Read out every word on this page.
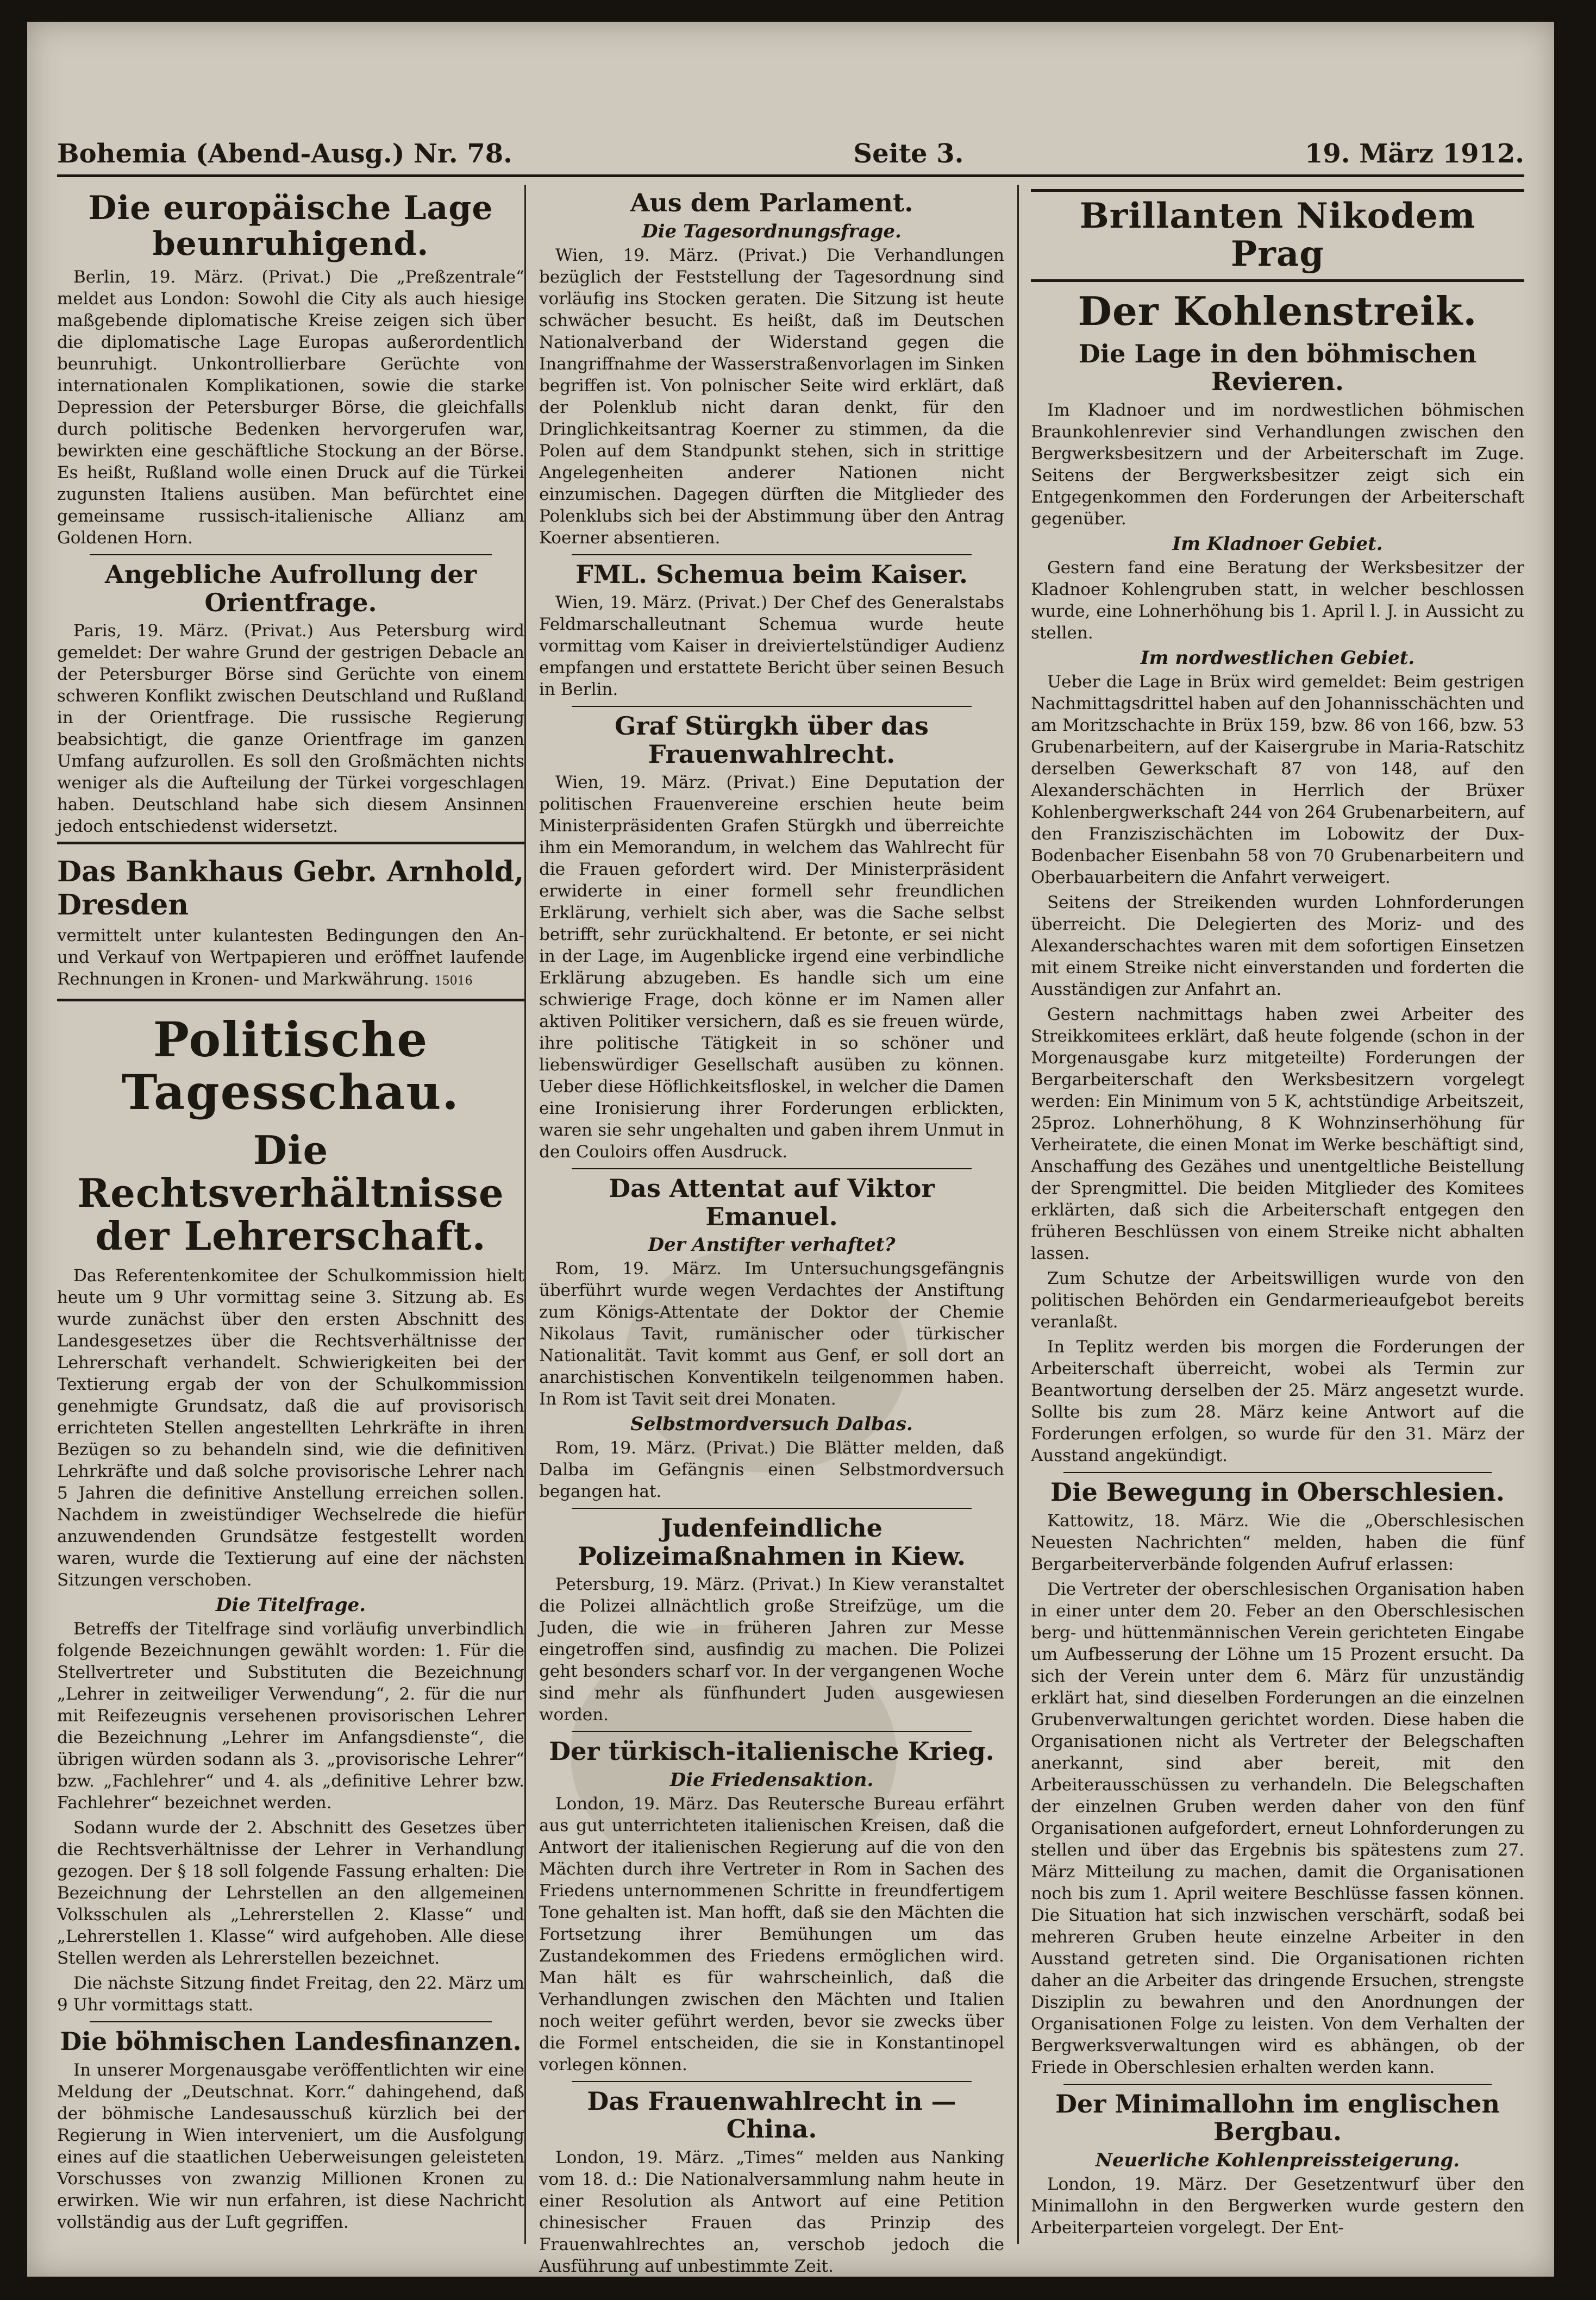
Bohemia (Abend-Ausg.) Nr. 78.	Seite 3.	19. März 1912.
Die europäische Lage beunruhigend.

Berlin, 19. März. (Privat.) Die „Preßzentrale“ meldet aus London: Sowohl die City als auch hiesige maßgebende diplomatische Kreise zeigen sich über die diplomatische Lage Europas außerordentlich beunruhigt. Unkontrollierbare Gerüchte von internationalen Komplikationen, sowie die starke Depression der Petersburger Börse, die gleichfalls durch politische Bedenken hervorgerufen war, bewirkten eine geschäftliche Stockung an der Börse. Es heißt, Rußland wolle einen Druck auf die Türkei zugunsten Italiens ausüben. Man befürchtet eine gemeinsame russisch-italienische Allianz am Goldenen Horn.

Angebliche Aufrollung der Orientfrage.

Paris, 19. März. (Privat.) Aus Petersburg wird gemeldet: Der wahre Grund der gestrigen Debacle an der Petersburger Börse sind Gerüchte von einem schweren Konflikt zwischen Deutschland und Rußland in der Orientfrage. Die russische Regierung beabsichtigt, die ganze Orientfrage im ganzen Umfang aufzurollen. Es soll den Großmächten nichts weniger als die Aufteilung der Türkei vorgeschlagen haben. Deutschland habe sich diesem Ansinnen jedoch entschiedenst widersetzt.

Das Bankhaus Gebr. Arnhold, Dresden

vermittelt unter kulantesten Bedingungen den An- und Verkauf von Wertpapieren und eröffnet laufende Rechnungen in Kronen- und Markwährung. 15016

Politische Tagesschau.
Die Rechtsverhältnisse der Lehrerschaft.

Das Referentenkomitee der Schulkommission hielt heute um 9 Uhr vormittag seine 3. Sitzung ab. Es wurde zunächst über den ersten Abschnitt des Landesgesetzes über die Rechtsverhältnisse der Lehrerschaft verhandelt. Schwierigkeiten bei der Textierung ergab der von der Schulkommission genehmigte Grundsatz, daß die auf provisorisch errichteten Stellen angestellten Lehrkräfte in ihren Bezügen so zu behandeln sind, wie die definitiven Lehrkräfte und daß solche provisorische Lehrer nach 5 Jahren die definitive Anstellung erreichen sollen. Nachdem in zweistündiger Wechselrede die hiefür anzuwendenden Grundsätze festgestellt worden waren, wurde die Textierung auf eine der nächsten Sitzungen verschoben.

Die Titelfrage.

Betreffs der Titelfrage sind vorläufig unverbindlich folgende Bezeichnungen gewählt worden: 1. Für die Stellvertreter und Substituten die Bezeichnung „Lehrer in zeitweiliger Verwendung“, 2. für die nur mit Reifezeugnis versehenen provisorischen Lehrer die Bezeichnung „Lehrer im Anfangsdienste“, die übrigen würden sodann als 3. „provisorische Lehrer“ bzw. „Fachlehrer“ und 4. als „definitive Lehrer bzw. Fachlehrer“ bezeichnet werden.

Sodann wurde der 2. Abschnitt des Gesetzes über die Rechtsverhältnisse der Lehrer in Verhandlung gezogen. Der § 18 soll folgende Fassung erhalten: Die Bezeichnung der Lehrstellen an den allgemeinen Volksschulen als „Lehrerstellen 2. Klasse“ und „Lehrerstellen 1. Klasse“ wird aufgehoben. Alle diese Stellen werden als Lehrerstellen bezeichnet.

Die nächste Sitzung findet Freitag, den 22. März um 9 Uhr vormittags statt.

Die böhmischen Landesfinanzen.

In unserer Morgenausgabe veröffentlichten wir eine Meldung der „Deutschnat. Korr.“ dahingehend, daß der böhmische Landesausschuß kürzlich bei der Regierung in Wien interveniert, um die Ausfolgung eines auf die staatlichen Ueberweisungen geleisteten Vorschusses von zwanzig Millionen Kronen zu erwirken. Wie wir nun erfahren, ist diese Nachricht vollständig aus der Luft gegriffen.

Aus dem Parlament.
Die Tagesordnungsfrage.

Wien, 19. März. (Privat.) Die Verhandlungen bezüglich der Feststellung der Tagesordnung sind vorläufig ins Stocken geraten. Die Sitzung ist heute schwächer besucht. Es heißt, daß im Deutschen Nationalverband der Widerstand gegen die Inangriffnahme der Wasserstraßenvorlagen im Sinken begriffen ist. Von polnischer Seite wird erklärt, daß der Polenklub nicht daran denkt, für den Dringlichkeitsantrag Koerner zu stimmen, da die Polen auf dem Standpunkt stehen, sich in strittige Angelegenheiten anderer Nationen nicht einzumischen. Dagegen dürften die Mitglieder des Polenklubs sich bei der Abstimmung über den Antrag Koerner absentieren.

FML. Schemua beim Kaiser.

Wien, 19. März. (Privat.) Der Chef des Generalstabs Feldmarschalleutnant Schemua wurde heute vormittag vom Kaiser in dreiviertelstündiger Audienz empfangen und erstattete Bericht über seinen Besuch in Berlin.

Graf Stürgkh über das Frauenwahlrecht.

Wien, 19. März. (Privat.) Eine Deputation der politischen Frauenvereine erschien heute beim Ministerpräsidenten Grafen Stürgkh und überreichte ihm ein Memorandum, in welchem das Wahlrecht für die Frauen gefordert wird. Der Ministerpräsident erwiderte in einer formell sehr freundlichen Erklärung, verhielt sich aber, was die Sache selbst betrifft, sehr zurückhaltend. Er betonte, er sei nicht in der Lage, im Augenblicke irgend eine verbindliche Erklärung abzugeben. Es handle sich um eine schwierige Frage, doch könne er im Namen aller aktiven Politiker versichern, daß es sie freuen würde, ihre politische Tätigkeit in so schöner und liebenswürdiger Gesellschaft ausüben zu können. Ueber diese Höflichkeitsfloskel, in welcher die Damen eine Ironisierung ihrer Forderungen erblickten, waren sie sehr ungehalten und gaben ihrem Unmut in den Couloirs offen Ausdruck.

Das Attentat auf Viktor Emanuel.
Der Anstifter verhaftet?

Rom, 19. März. Im Untersuchungsgefängnis überführt wurde wegen Verdachtes der Anstiftung zum Königs-Attentate der Doktor der Chemie Nikolaus Tavit, rumänischer oder türkischer Nationalität. Tavit kommt aus Genf, er soll dort an anarchistischen Konventikeln teilgenommen haben. In Rom ist Tavit seit drei Monaten.

Selbstmordversuch Dalbas.

Rom, 19. März. (Privat.) Die Blätter melden, daß Dalba im Gefängnis einen Selbstmordversuch begangen hat.

Judenfeindliche Polizeimaßnahmen in Kiew.

Petersburg, 19. März. (Privat.) In Kiew veranstaltet die Polizei allnächtlich große Streifzüge, um die Juden, die wie in früheren Jahren zur Messe eingetroffen sind, ausfindig zu machen. Die Polizei geht besonders scharf vor. In der vergangenen Woche sind mehr als fünfhundert Juden ausgewiesen worden.

Der türkisch-italienische Krieg.
Die Friedensaktion.

London, 19. März. Das Reutersche Bureau erfährt aus gut unterrichteten italienischen Kreisen, daß die Antwort der italienischen Regierung auf die von den Mächten durch ihre Vertreter in Rom in Sachen des Friedens unternommenen Schritte in freundfertigem Tone gehalten ist. Man hofft, daß sie den Mächten die Fortsetzung ihrer Bemühungen um das Zustandekommen des Friedens ermöglichen wird. Man hält es für wahrscheinlich, daß die Verhandlungen zwischen den Mächten und Italien noch weiter geführt werden, bevor sie zwecks über die Formel entscheiden, die sie in Konstantinopel vorlegen können.

Das Frauenwahlrecht in — China.

London, 19. März. „Times“ melden aus Nanking vom 18. d.: Die Nationalversammlung nahm heute in einer Resolution als Antwort auf eine Petition chinesischer Frauen das Prinzip des Frauenwahlrechtes an, verschob jedoch die Ausführung auf unbestimmte Zeit.

Brillanten Nikodem Prag
Der Kohlenstreik.
Die Lage in den böhmischen Revieren.

Im Kladnoer und im nordwestlichen böhmischen Braunkohlenrevier sind Verhandlungen zwischen den Bergwerksbesitzern und der Arbeiterschaft im Zuge. Seitens der Bergwerksbesitzer zeigt sich ein Entgegenkommen den Forderungen der Arbeiterschaft gegenüber.

Im Kladnoer Gebiet.

Gestern fand eine Beratung der Werksbesitzer der Kladnoer Kohlengruben statt, in welcher beschlossen wurde, eine Lohnerhöhung bis 1. April l. J. in Aussicht zu stellen.

Im nordwestlichen Gebiet.

Ueber die Lage in Brüx wird gemeldet: Beim gestrigen Nachmittagsdrittel haben auf den Johannisschächten und am Moritzschachte in Brüx 159, bzw. 86 von 166, bzw. 53 Grubenarbeitern, auf der Kaisergrube in Maria-Ratschitz derselben Gewerkschaft 87 von 148, auf den Alexanderschächten in Herrlich der Brüxer Kohlenbergwerkschaft 244 von 264 Grubenarbeitern, auf den Franziszischächten im Lobowitz der Dux-Bodenbacher Eisenbahn 58 von 70 Grubenarbeitern und Oberbauarbeitern die Anfahrt verweigert.

Seitens der Streikenden wurden Lohnforderungen überreicht. Die Delegierten des Moriz- und des Alexanderschachtes waren mit dem sofortigen Einsetzen mit einem Streike nicht einverstanden und forderten die Ausständigen zur Anfahrt an.

Gestern nachmittags haben zwei Arbeiter des Streikkomitees erklärt, daß heute folgende (schon in der Morgenausgabe kurz mitgeteilte) Forderungen der Bergarbeiterschaft den Werksbesitzern vorgelegt werden: Ein Minimum von 5 K, achtstündige Arbeitszeit, 25proz. Lohnerhöhung, 8 K Wohnzinserhöhung für Verheiratete, die einen Monat im Werke beschäftigt sind, Anschaffung des Gezähes und unentgeltliche Beistellung der Sprengmittel. Die beiden Mitglieder des Komitees erklärten, daß sich die Arbeiterschaft entgegen den früheren Beschlüssen von einem Streike nicht abhalten lassen.

Zum Schutze der Arbeitswilligen wurde von den politischen Behörden ein Gendarmerieaufgebot bereits veranlaßt.

In Teplitz werden bis morgen die Forderungen der Arbeiterschaft überreicht, wobei als Termin zur Beantwortung derselben der 25. März angesetzt wurde. Sollte bis zum 28. März keine Antwort auf die Forderungen erfolgen, so wurde für den 31. März der Ausstand angekündigt.

Die Bewegung in Oberschlesien.

Kattowitz, 18. März. Wie die „Oberschlesischen Neuesten Nachrichten“ melden, haben die fünf Bergarbeiterverbände folgenden Aufruf erlassen:

Die Vertreter der oberschlesischen Organisation haben in einer unter dem 20. Feber an den Oberschlesischen berg- und hüttenmännischen Verein gerichteten Eingabe um Aufbesserung der Löhne um 15 Prozent ersucht. Da sich der Verein unter dem 6. März für unzuständig erklärt hat, sind dieselben Forderungen an die einzelnen Grubenverwaltungen gerichtet worden. Diese haben die Organisationen nicht als Vertreter der Belegschaften anerkannt, sind aber bereit, mit den Arbeiterausschüssen zu verhandeln. Die Belegschaften der einzelnen Gruben werden daher von den fünf Organisationen aufgefordert, erneut Lohnforderungen zu stellen und über das Ergebnis bis spätestens zum 27. März Mitteilung zu machen, damit die Organisationen noch bis zum 1. April weitere Beschlüsse fassen können. Die Situation hat sich inzwischen verschärft, sodaß bei mehreren Gruben heute einzelne Arbeiter in den Ausstand getreten sind. Die Organisationen richten daher an die Arbeiter das dringende Ersuchen, strengste Disziplin zu bewahren und den Anordnungen der Organisationen Folge zu leisten. Von dem Verhalten der Bergwerksverwaltungen wird es abhängen, ob der Friede in Oberschlesien erhalten werden kann.

Der Minimallohn im englischen Bergbau.
Neuerliche Kohlenpreissteigerung.

London, 19. März. Der Gesetzentwurf über den Minimallohn in den Bergwerken wurde gestern den Arbeiterparteien vorgelegt. Der Ent-
